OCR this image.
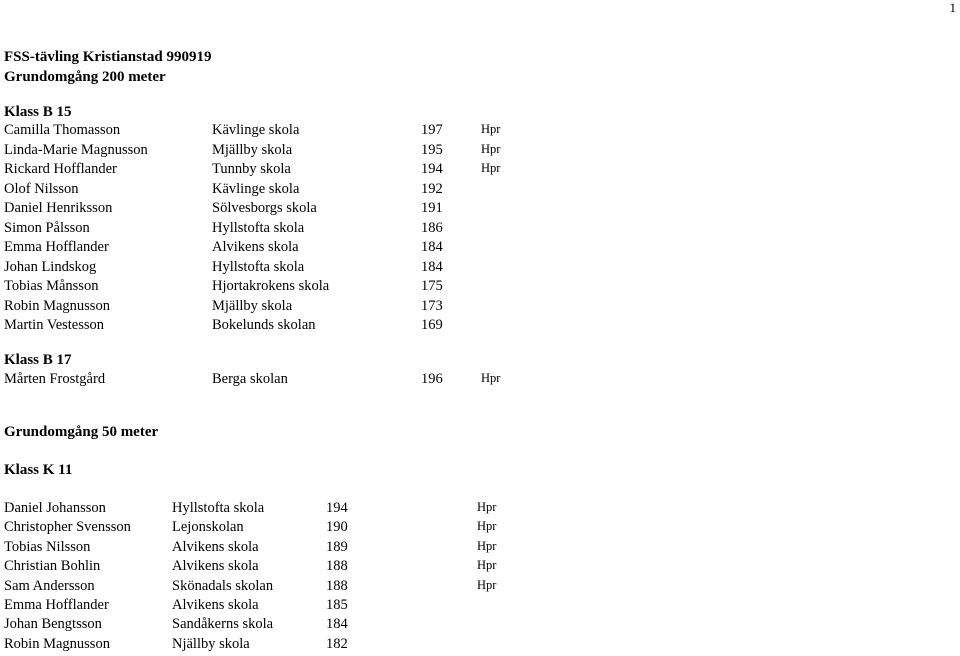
1
FSS-tävling Kristianstad 990919
Grundomgång 200 meter
Klass B 15
Camilla Thomasson	Kävlinge skola	197	Hpr
Linda-Marie Magnusson	Mjällby skola	195	Hpr
Rickard Hofflander	Tunnby skola	194	Hpr
Olof Nilsson	Kävlinge skola	192
Daniel Henriksson	Sölvesborgs skola	191
Simon Pålsson	Hyllstofta skola	186
Emma Hofflander	Alvikens skola	184
Johan Lindskog	Hyllstofta skola	184
Tobias Månsson	Hjortakrokens skola	175
Robin Magnusson	Mjällby skola	173
Martin Vestesson	Bokelunds skolan	169
Klass B 17
Mårten Frostgård	Berga skolan	196	Hpr
Grundomgång 50 meter
Klass K 11
Daniel Johansson	Hyllstofta skola	194	Hpr
Christopher Svensson	Lejonskolan	190	Hpr
Tobias Nilsson	Alvikens skola	189	Hpr
Christian Bohlin	Alvikens skola	188	Hpr
Sam Andersson	Skönadals skolan	188	Hpr
Emma Hofflander	Alvikens skola	185
Johan Bengtsson	Sandåkerns skola	184
Robin Magnusson	Njällby skola	182
